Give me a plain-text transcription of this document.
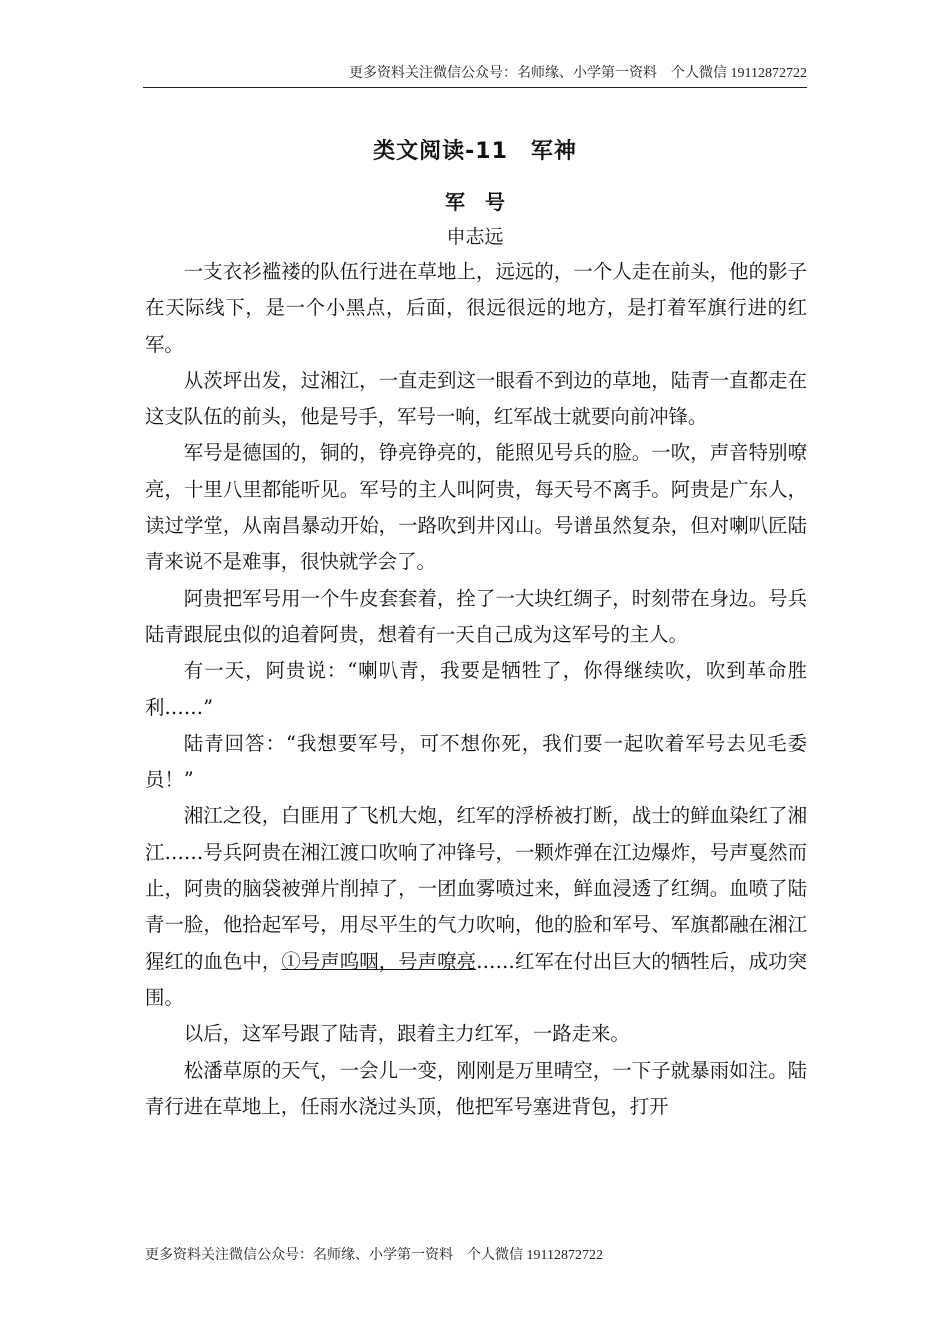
更多资料关注微信公众号：名师缘、小学第一资料　个人微信 19112872722
类文阅读-11　军神
军　号
申志远

一支衣衫褴褛的队伍行进在草地上，远远的，一个人走在前头，他的影子在天际线下，是一个小黑点，后面，很远很远的地方，是打着军旗行进的红军。

从茨坪出发，过湘江，一直走到这一眼看不到边的草地，陆青一直都走在这支队伍的前头，他是号手，军号一响，红军战士就要向前冲锋。

军号是德国的，铜的，铮亮铮亮的，能照见号兵的脸。一吹，声音特别嘹亮，十里八里都能听见。军号的主人叫阿贵，每天号不离手。阿贵是广东人，读过学堂，从南昌暴动开始，一路吹到井冈山。号谱虽然复杂，但对喇叭匠陆青来说不是难事，很快就学会了。

阿贵把军号用一个牛皮套套着，拴了一大块红绸子，时刻带在身边。号兵陆青跟屁虫似的追着阿贵，想着有一天自己成为这军号的主人。

有一天，阿贵说：“喇叭青，我要是牺牲了，你得继续吹，吹到革命胜利……”

陆青回答：“我想要军号，可不想你死，我们要一起吹着军号去见毛委员！”

湘江之役，白匪用了飞机大炮，红军的浮桥被打断，战士的鲜血染红了湘江……号兵阿贵在湘江渡口吹响了冲锋号，一颗炸弹在江边爆炸，号声戛然而止，阿贵的脑袋被弹片削掉了，一团血雾喷过来，鲜血浸透了红绸。血喷了陆青一脸，他拾起军号，用尽平生的气力吹响，他的脸和军号、军旗都融在湘江猩红的血色中，①号声呜咽，号声嘹亮……红军在付出巨大的牺牲后，成功突围。

以后，这军号跟了陆青，跟着主力红军，一路走来。

松潘草原的天气，一会儿一变，刚刚是万里晴空，一下子就暴雨如注。陆青行进在草地上，任雨水浇过头顶，他把军号塞进背包，打开

更多资料关注微信公众号：名师缘、小学第一资料　个人微信 19112872722
